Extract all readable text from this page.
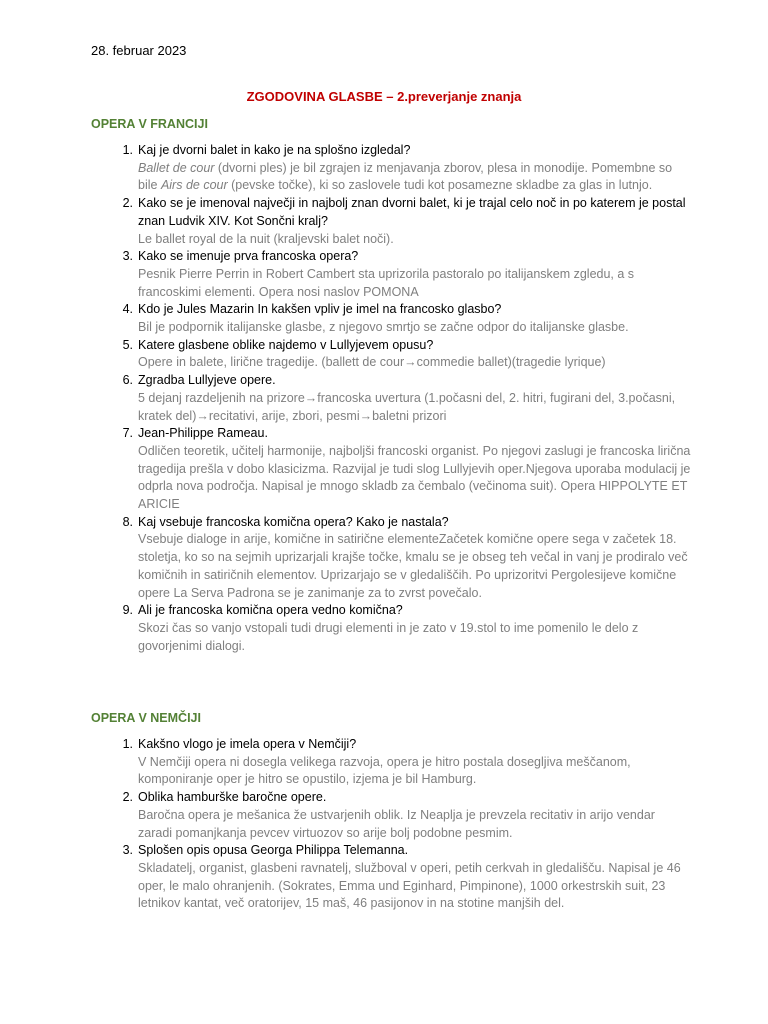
28. februar 2023
ZGODOVINA GLASBE – 2.preverjanje znanja
OPERA V FRANCIJI
1. Kaj je dvorni balet in kako je na splošno izgledal?
Ballet de cour (dvorni ples) je bil zgrajen iz menjavanja zborov, plesa in monodije. Pomembne so bile Airs de cour (pevske točke), ki so zaslovele tudi kot posamezne skladbe za glas in lutnjo.
2. Kako se je imenoval največji in najbolj znan dvorni balet, ki je trajal celo noč in po katerem je postal znan Ludvik XIV. Kot Sončni kralj?
Le ballet royal de la nuit (kraljevski balet noči).
3. Kako se imenuje prva francoska opera?
Pesnik Pierre Perrin in Robert Cambert sta uprizorila pastoralo po italijanskem zgledu, a s francoskimi elementi. Opera nosi naslov POMONA
4. Kdo je Jules Mazarin In kakšen vpliv je imel na francosko glasbo?
Bil je podpornik italijanske glasbe, z njegovo smrtjo se začne odpor do italijanske glasbe.
5. Katere glasbene oblike najdemo v Lullyjevem opusu?
Opere in balete, lirične tragedije. (ballett de cour→commedie ballet)(tragedie lyrique)
6. Zgradba Lullyjeve opere.
5 dejanj razdeljenih na prizore→francoska uvertura (1.počasni del, 2. hitri, fugirani del, 3.počasni, kratek del)→recitativi, arije, zbori, pesmi→baletni prizori
7. Jean-Philippe Rameau.
Odličen teoretik, učitelj harmonije, najboljši francoski organist. Po njegovi zaslugi je francoska lirična tragedija prešla v dobo klasicizma. Razvijal je tudi slog Lullyjevih oper.Njegova uporaba modulacij je odprla nova področja. Napisal je mnogo skladb za čembalo (večinoma suit). Opera HIPPOLYTE ET ARICIE
8. Kaj vsebuje francoska komična opera? Kako je nastala?
Vsebuje dialoge in arije, komične in satirične elementeZačetek komične opere sega v začetek 18. stoletja, ko so na sejmih uprizarjali krajše točke, kmalu se je obseg teh večal in vanj je prodiralo več komičnih in satiričnih elementov. Uprizarjajo se v gledališčih. Po uprizoritvi Pergolesijeve komične opere La Serva Padrona se je zanimanje za to zvrst povečalo.
9. Ali je francoska komična opera vedno komična?
Skozi čas so vanjo vstopali tudi drugi elementi in je zato v 19.stol to ime pomenilo le delo z govorjenimi dialogi.
OPERA V NEMČIJI
1. Kakšno vlogo je imela opera v Nemčiji?
V Nemčiji opera ni dosegla velikega razvoja, opera je hitro postala dosegljiva meščanom, komponiranje oper je hitro se opustilo, izjema je bil Hamburg.
2. Oblika hamburške baročne opere.
Baročna opera je mešanica že ustvarjenih oblik. Iz Neaplja je prevzela recitativ in arijo vendar zaradi pomanjkanja pevcev virtuozov so arije bolj podobne pesmim.
3. Splošen opis opusa Georga Philippa Telemanna.
Skladatelj, organist, glasbeni ravnatelj, služboval v operi, petih cerkvah in gledališču. Napisal je 46 oper, le malo ohranjenih. (Sokrates, Emma und Eginhard, Pimpinone), 1000 orkestrskih suit, 23 letnikov kantat, več oratorijev, 15 maš, 46 pasijonov in na stotine manjših del.
